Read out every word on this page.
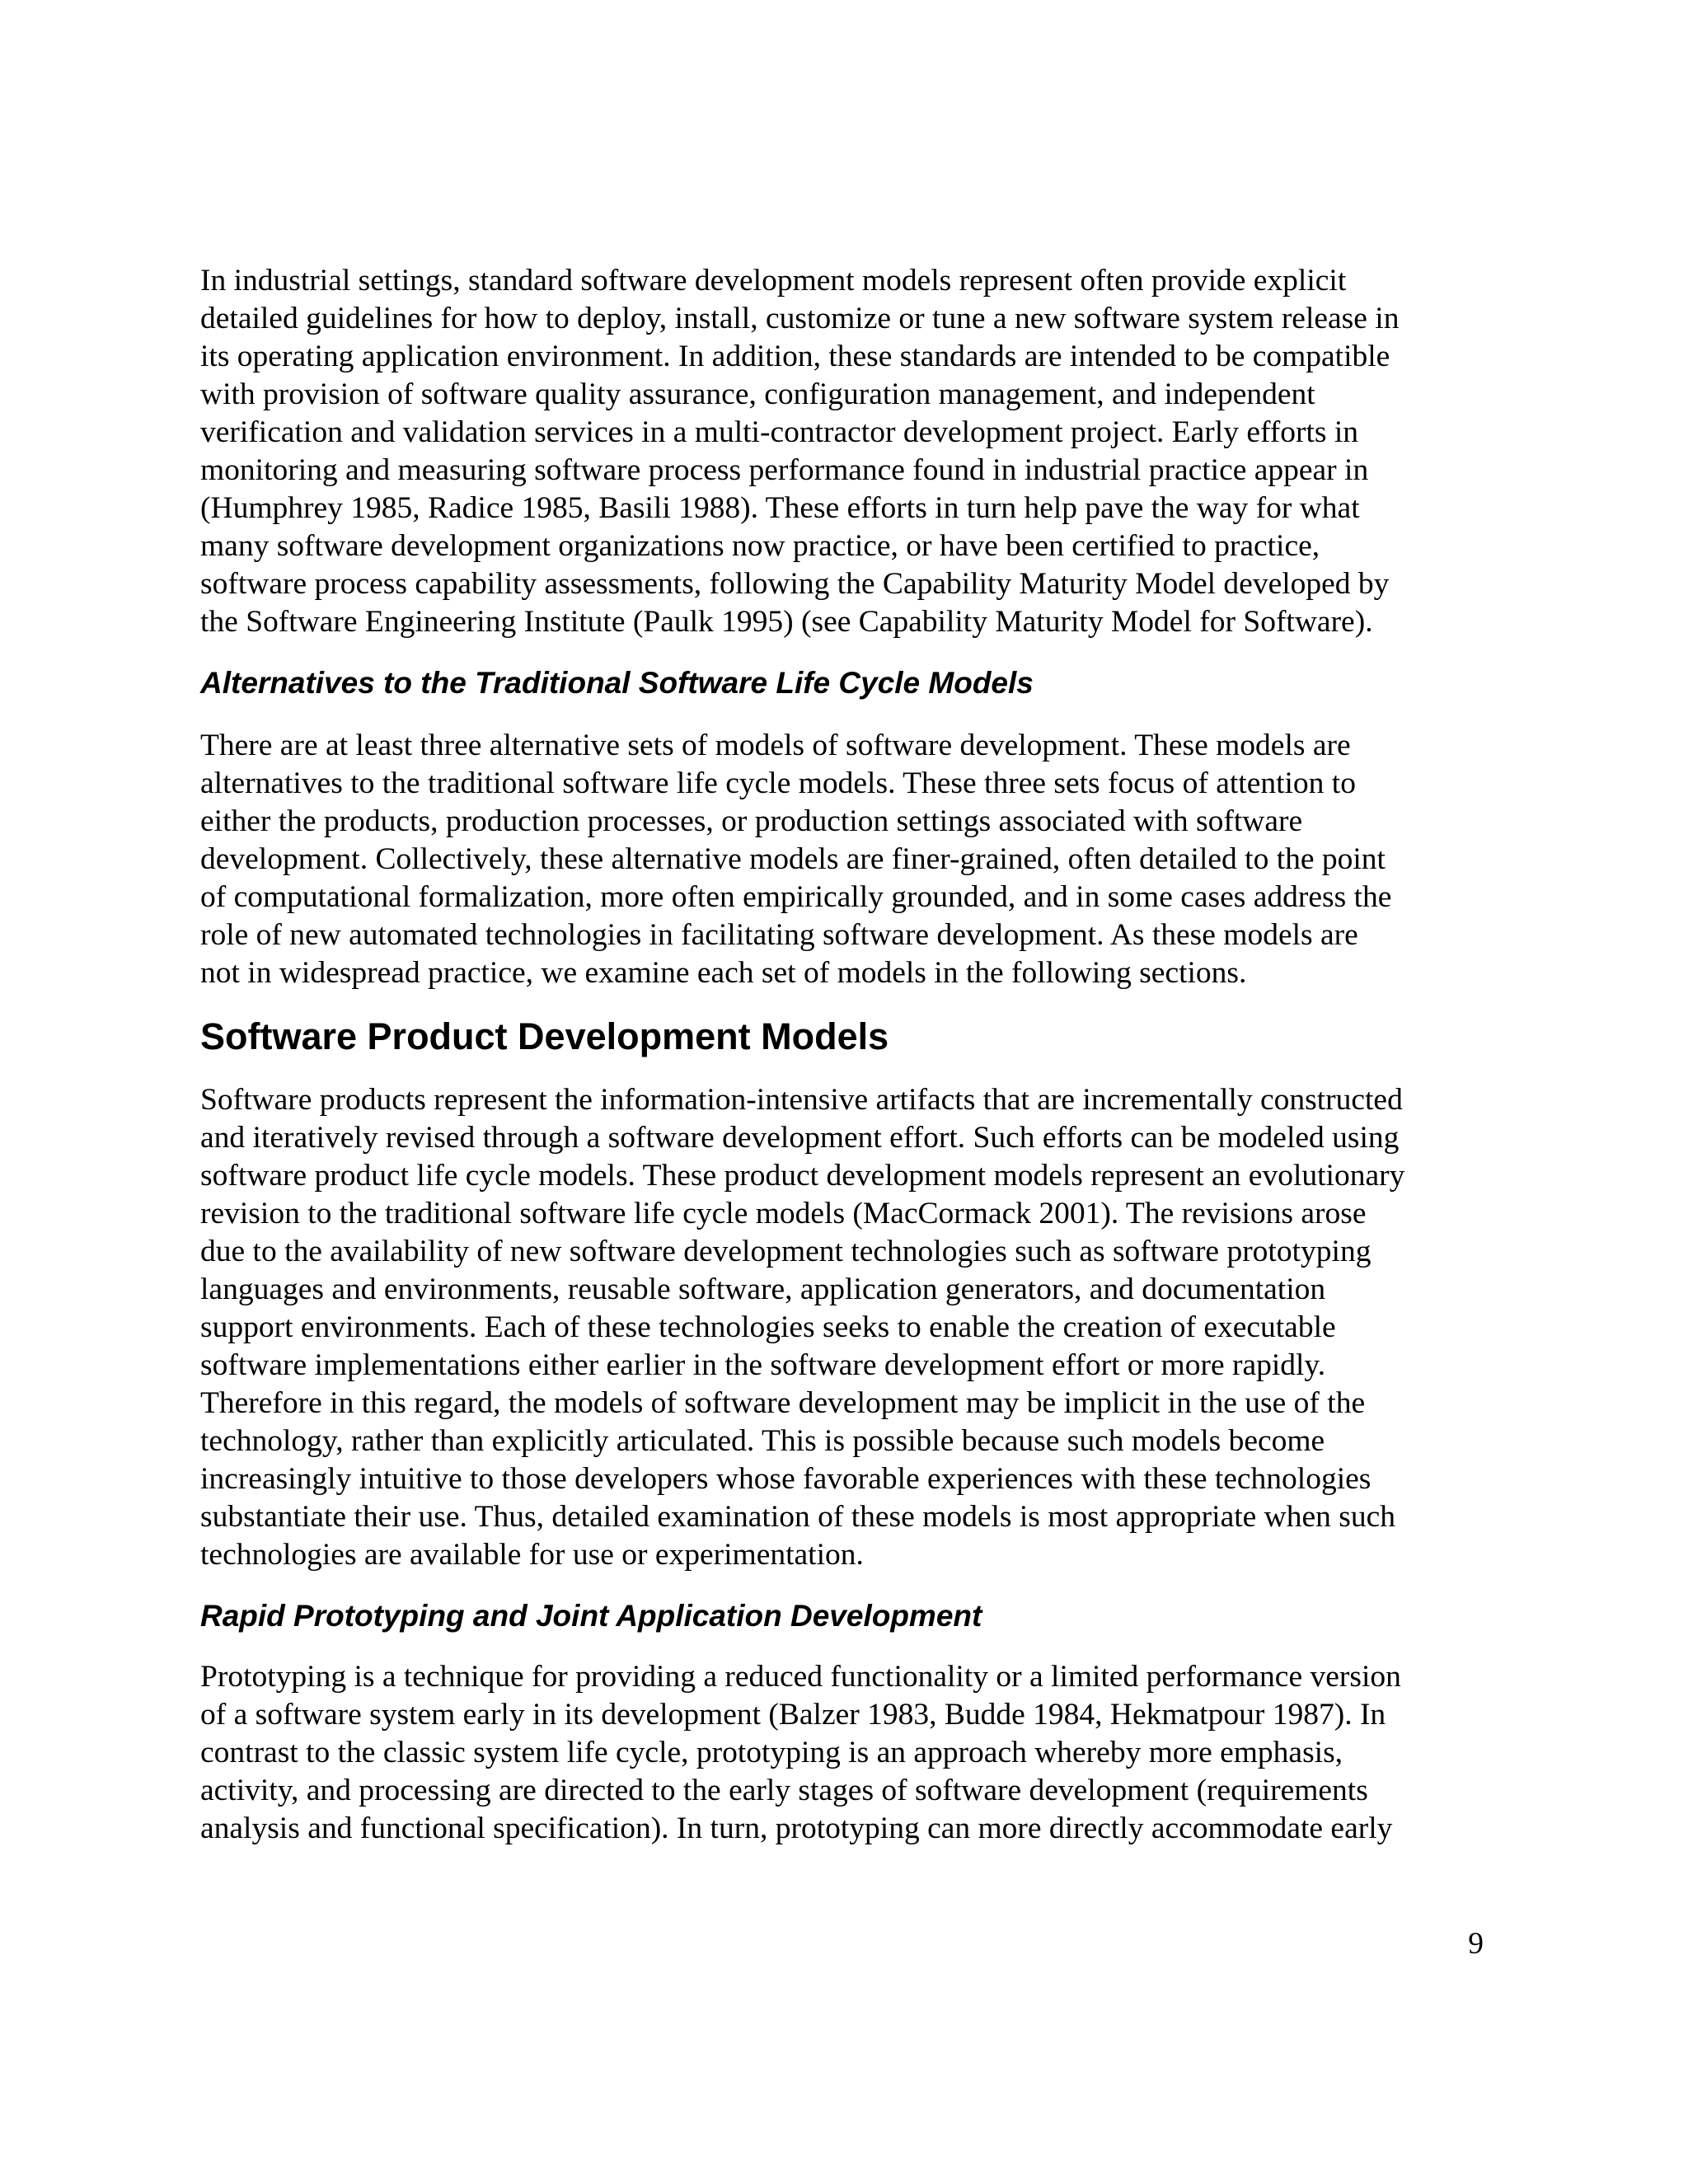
In industrial settings, standard software development models represent often provide explicit
detailed guidelines for how to deploy, install, customize or tune a new software system release in
its operating application environment. In addition, these standards are intended to be compatible
with provision of software quality assurance, configuration management, and independent
verification and validation services in a multi-contractor development project. Early efforts in
monitoring and measuring software process performance found in industrial practice appear in
(Humphrey 1985, Radice 1985, Basili 1988). These efforts in turn help pave the way for what
many software development organizations now practice, or have been certified to practice,
software process capability assessments, following the Capability Maturity Model developed by
the Software Engineering Institute (Paulk 1995) (see Capability Maturity Model for Software).

Alternatives to the Traditional Software Life Cycle Models

There are at least three alternative sets of models of software development. These models are
alternatives to the traditional software life cycle models. These three sets focus of attention to
either the products, production processes, or production settings associated with software
development. Collectively, these alternative models are finer-grained, often detailed to the point
of computational formalization, more often empirically grounded, and in some cases address the
role of new automated technologies in facilitating software development. As these models are
not in widespread practice, we examine each set of models in the following sections.

Software Product Development Models

Software products represent the information-intensive artifacts that are incrementally constructed
and iteratively revised through a software development effort. Such efforts can be modeled using
software product life cycle models. These product development models represent an evolutionary
revision to the traditional software life cycle models (MacCormack 2001). The revisions arose
due to the availability of new software development technologies such as software prototyping
languages and environments, reusable software, application generators, and documentation
support environments. Each of these technologies seeks to enable the creation of executable
software implementations either earlier in the software development effort or more rapidly.
Therefore in this regard, the models of software development may be implicit in the use of the
technology, rather than explicitly articulated. This is possible because such models become
increasingly intuitive to those developers whose favorable experiences with these technologies
substantiate their use. Thus, detailed examination of these models is most appropriate when such
technologies are available for use or experimentation.

Rapid Prototyping and Joint Application Development

Prototyping is a technique for providing a reduced functionality or a limited performance version
of a software system early in its development (Balzer 1983, Budde 1984, Hekmatpour 1987). In
contrast to the classic system life cycle, prototyping is an approach whereby more emphasis,
activity, and processing are directed to the early stages of software development (requirements
analysis and functional specification). In turn, prototyping can more directly accommodate early

9
